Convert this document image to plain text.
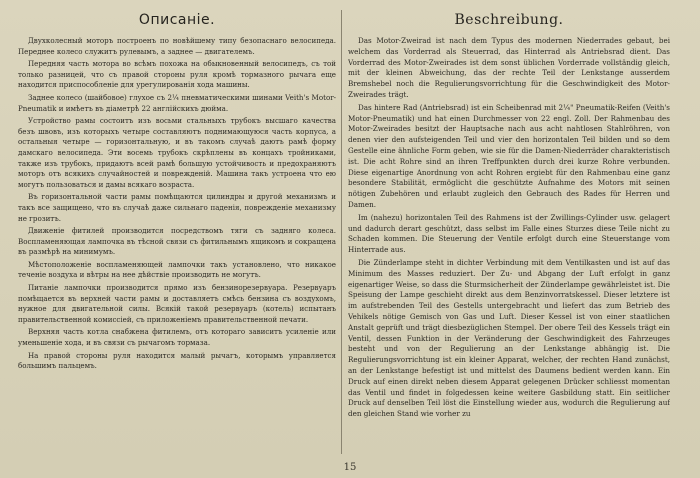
Описаніе.

Двухколесный моторъ построенъ по новѣйшему типу безопаснаго велосипеда. Переднее колесо служитъ рулевымъ, а заднее — двигателемъ.

Передняя часть мотора во всѣмъ похожа на обыкновенный велосипедъ, съ той только разницей, что съ правой стороны руля кромѣ тормазного рычага еще находится приспособленіе для урегулированія хода машины.

Заднее колесо (шайбовое) глухое съ 2¼ пневматическими шинами Veith's Motor-Pneumatik и имѣетъ въ діаметрѣ 22 англійскихъ дюйма.

Устройство рамы состоитъ изъ восьми стальныхъ трубокъ высшаго качества безъ швовъ, изъ которыхъ четыре составляютъ поднимающуюся часть корпуса, а остальныя четыре — горизонтальную, и въ такомъ случаѣ даютъ рамѣ форму дамскаго велосипеда. Эти восемь трубокъ скрѣплены въ концахъ тройниками, также изъ трубокъ, придаютъ всей рамѣ большую устойчивость и предохраняютъ моторъ отъ всякихъ случайностей и поврежденій. Машина такъ устроена что ею могутъ пользоваться и дамы всякаго возраста.

Въ горизонтальной части рамы помѣщаются цилиндры и другой механизмъ и такъ все защищено, что въ случаѣ даже сильнаго паденія, поврежденіе механизму не грозитъ.

Движеніе фитилей производится посредствомъ тяги съ задняго колеса. Воспламеняющая лампочка въ тѣсной связи съ фитильнымъ ящикомъ и сокращена въ размѣрѣ на минимумъ.

Мѣстоположеніе воспламеняющей лампочки такъ установлено, что никакое теченіе воздуха и вѣтры на нее дѣйствіе производить не могутъ.

Питаніе лампочки производится прямо изъ бензинорезервуара. Резервуаръ помѣщается въ верхней части рамы и доставляетъ смѣсь бензина съ воздухомъ, нужное для двигательной силы. Всякій такой резервуаръ (котель) испытанъ правительственной комиссіей, съ приложеніемъ правительственной печати.

Верхняя часть котла снабжена фитилемъ, отъ котораго зависитъ усиленіе или уменьшеніе хода, и въ связи съ рычагомъ тормаза.

На правой стороны руля находится малый рычагъ, которымъ управляется большимъ пальцемъ.

Beschreibung.

Das Motor-Zweirad ist nach dem Typus des modernen Niederrades gebaut, bei welchem das Vorderrad als Steuerrad, das Hinterrad als Antriebsrad dient. Das Vorderrad des Motor-Zweirades ist dem sonst üblichen Vorderrade vollständig gleich, mit der kleinen Abweichung, das der rechte Teil der Lenkstange ausserdem Bremshebel noch die Regulierungsvorrichtung für die Geschwindigkeit des Motor-Zweirades trägt.

Das hintere Rad (Antriebsrad) ist ein Scheibenrad mit 2¼" Pneumatik-Reifen (Veith's Motor-Pneumatik) und hat einen Durchmesser von 22 engl. Zoll. Der Rahmenbau des Motor-Zweirades besitzt der Hauptsache nach aus acht nahtlosen Stahlröhren, von denen vier den aufsteigenden Teil und vier den horizontalen Teil bilden und so dem Gestelle eine ähnliche Form geben, wie sie für die Damen-Niederräder charakteristisch ist. Die acht Rohre sind an ihren Treffpunkten durch drei kurze Rohre verbunden. Diese eigenartige Anordnung von acht Rohren ergiebt für den Rahmenbau eine ganz besondere Stabilität, ermöglicht die geschützte Aufnahme des Motors mit seinen nötigen Zubehören und erlaubt zugleich den Gebrauch des Rades für Herren und Damen.

Im (nahezu) horizontalen Teil des Rahmens ist der Zwillings-Cylinder usw. gelagert und dadurch derart geschützt, dass selbst im Falle eines Sturzes diese Teile nicht zu Schaden kommen. Die Steuerung der Ventile erfolgt durch eine Steuerstange vom Hinterrade aus.

Die Zünderlampe steht in dichter Verbindung mit dem Ventilkasten und ist auf das Minimum des Masses reduziert. Der Zu- und Abgang der Luft erfolgt in ganz eigenartiger Weise, so dass die Sturmsicherheit der Zünderlampe gewährleistet ist. Die Speisung der Lampe geschieht direkt aus dem Benzinvorratskessel. Dieser letztere ist im aufstrebenden Teil des Gestells untergebracht und liefert das zum Betrieb des Vehikels nötige Gemisch von Gas und Luft. Dieser Kessel ist von einer staatlichen Anstalt geprüft und trägt diesbezüglichen Stempel. Der obere Teil des Kessels trägt ein Ventil, dessen Funktion in der Veränderung der Geschwindigkeit des Fahrzeuges besteht und von der Regulierung an der Lenkstange abhängig ist. Die Regulierungsvorrichtung ist ein kleiner Apparat, welcher, der rechten Hand zunächst, an der Lenkstange befestigt ist und mittelst des Daumens bedient werden kann. Ein Druck auf einen direkt neben diesem Apparat gelegenen Drücker schliesst momentan das Ventil und findet in folgedessen keine weitere Gasbildung statt. Ein seitlicher Druck auf denselben Teil löst die Einstellung wieder aus, wodurch die Regulierung auf den gleichen Stand wie vorher zu

15
